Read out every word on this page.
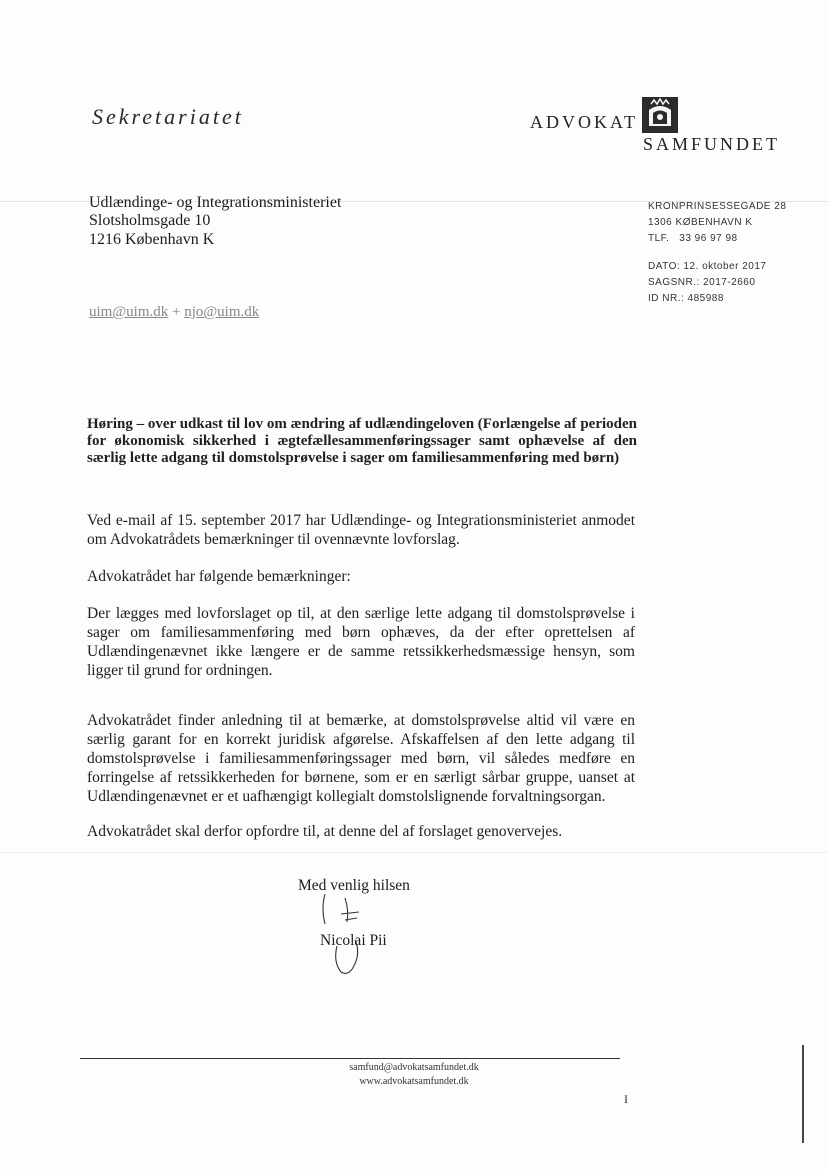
Sekretariatet	ADVOKAT
SAMFUNDET
Udlændinge- og Integrationsministeriet
Slotsholmsgade 10
1216 København K
KRONPRINSESSEGADE 28
1306 KØBENHAVN K
TLF.   33 96 97 98
DATO: 12. oktober 2017
SAGSNR.: 2017-2660
ID NR.: 485988
uim@uim.dk + njo@uim.dk
Høring – over udkast til lov om ændring af udlændingeloven (Forlængelse af perioden for økonomisk sikkerhed i ægtefællesammenføringssager samt ophævelse af den særlig lette adgang til domstolsprøvelse i sager om familiesammenføring med børn)
Ved e-mail af 15. september 2017 har Udlændinge- og Integrationsministeriet anmodet om Advokatrådets bemærkninger til ovennævnte lovforslag.
Advokatrådet har følgende bemærkninger:
Der lægges med lovforslaget op til, at den særlige lette adgang til domstolsprøvelse i sager om familiesammenføring med børn ophæves, da der efter oprettelsen af Udlændingenævnet ikke længere er de samme retssikkerhedsmæssige hensyn, som ligger til grund for ordningen.
Advokatrådet finder anledning til at bemærke, at domstolsprøvelse altid vil være en særlig garant for en korrekt juridisk afgørelse. Afskaffelsen af den lette adgang til domstolsprøvelse i familiesammenføringssager med børn, vil således medføre en forringelse af retssikkerheden for børnene, som er en særligt sårbar gruppe, uanset at Udlændingenævnet er et uafhængigt kollegialt domstolslignende forvaltningsorgan.
Advokatrådet skal derfor opfordre til, at denne del af forslaget genovervejes.
Med venlig hilsen
Nicolai Pii
samfund@advokatsamfundet.dk
www.advokatsamfundet.dk
I
